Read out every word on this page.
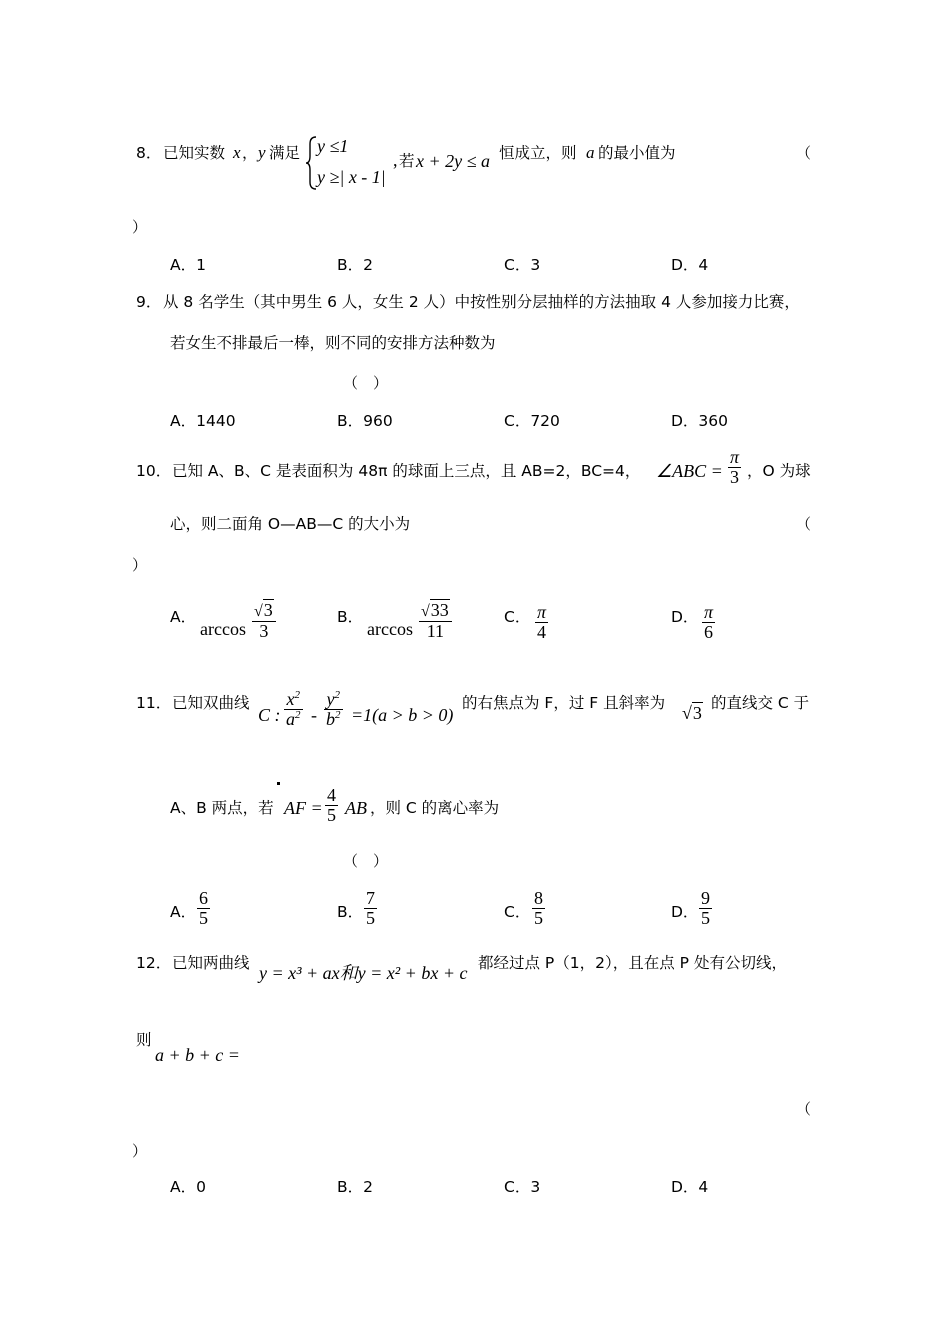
8． 已知实数 x ， y 满足 y ≤1
y ≥| x - 1|
, 若 x + 2y ≤ a 恒成立，则 a 的最小值为	（
）
A．1	B．2	C．3	D．4
9． 从 8 名学生（其中男生 6 人，女生 2 人）中按性别分层抽样的方法抽取 4 人参加接力比赛，
若女生不排最后一棒，则不同的安排方法种数为
（　）
A．1440	B．960	C．720	D．360
10． 已知 A、B、C 是表面积为 48π 的球面上三点，且 AB=2，BC=4， ∠ABC = $\frac{\pi}{3}$ ，O 为球
心，则二面角 O—AB—C 的大小为	（
）
A．
$\arccos \frac{√3}{3}$	B．
$\arccos \frac{√33}{11}$	C． $\frac{\pi}{4}$	D． $\frac{\pi}{6}$
11． 已知双曲线
C : $\frac{x^2}{a^2} - \frac{y^2}{b^2} =1(a > b > 0)$
的右焦点为 F，过 F 且斜率为 √3 的直线交 C 于
A、B 两点，若 AF = $\frac{4}{5}$ AB ，则 C 的离心率为
（　）
A． $\frac{6}{5}$	B． $\frac{7}{5}$	C． $\frac{8}{5}$	D． $\frac{9}{5}$
12． 已知两曲线 y = x³ + ax和y = x² + bx + c 都经过点 P（1，2），且在点 P 处有公切线，
则
a + b + c =
（
）
A．0	B．2	C．3	D．4
